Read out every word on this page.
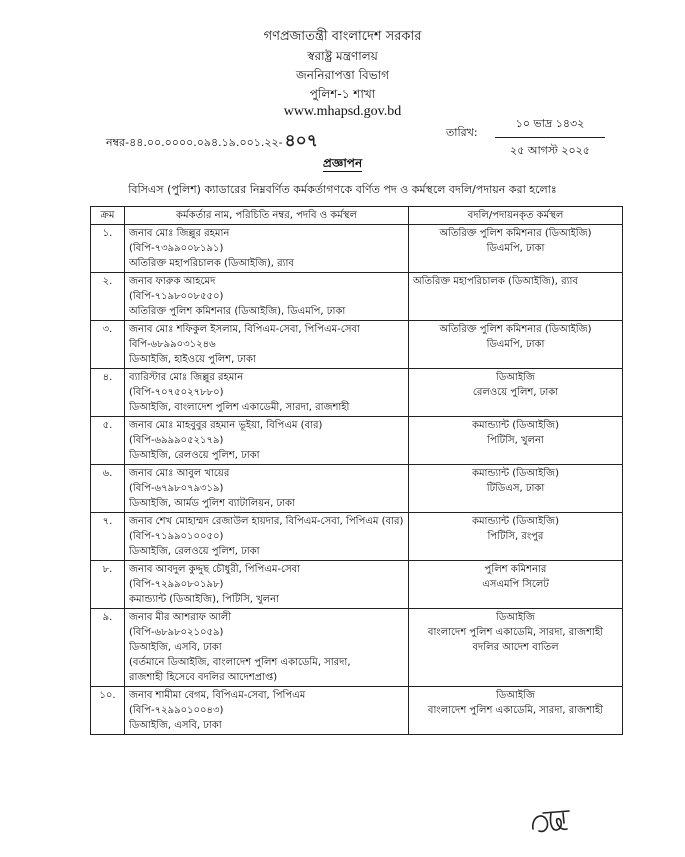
গণপ্রজাতন্ত্রী বাংলাদেশ সরকার
স্বরাষ্ট্র মন্ত্রণালয়
জননিরাপত্তা বিভাগ
পুলিশ-১ শাখা
www.mhapsd.gov.bd
নম্বর-৪৪.০০.০০০০.০৯৪.১৯.০০১.২২- ৪০৭	তারিখ:
১০ ভাদ্র ১৪৩২
২৫ আগস্ট ২০২৫
প্রজ্ঞাপন
বিসিএস (পুলিশ) ক্যাডারের নিম্নবর্ণিত কর্মকর্তাগণকে বর্ণিত পদ ও কর্মস্থলে বদলি/পদায়ন করা হলোঃ
ক্রম	কর্মকর্তার নাম, পরিচিতি নম্বর, পদবি ও কর্মস্থল	বদলি/পদায়নকৃত কর্মস্থল
১.	জনাব মোঃ জিল্লুর রহমান
(বিপি-৭৩৯৯০০৮১৯১)
অতিরিক্ত মহাপরিচালক (ডিআইজি), র‍্যাব	অতিরিক্ত পুলিশ কমিশনার (ডিআইজি)
ডিএমপি, ঢাকা

২.	জনাব ফারুক আহমেদ
(বিপি-৭১৯৮০০৮৫৫০)
অতিরিক্ত পুলিশ কমিশনার (ডিআইজি), ডিএমপি, ঢাকা	অতিরিক্ত মহাপরিচালক (ডিআইজি), র‍্যাব

৩.	জনাব মোঃ শফিকুল ইসলাম, বিপিএম-সেবা, পিপিএম-সেবা
বিপি-৬৮৯৯০৩১২৪৬
ডিআইজি, হাইওয়ে পুলিশ, ঢাকা	অতিরিক্ত পুলিশ কমিশনার (ডিআইজি)
ডিএমপি, ঢাকা

৪.	ব্যারিস্টার মোঃ জিল্লুর রহমান
(বিপি-৭০৭৫০২৭৮৮০)
ডিআইজি, বাংলাদেশ পুলিশ একাডেমী, সারদা, রাজশাহী	ডিআইজি
রেলওয়ে পুলিশ, ঢাকা

৫.	জনাব মোঃ মাহবুবুর রহমান ভূইয়া, বিপিএম (বার)
(বিপি-৬৯৯৯০৫২১৭৯)
ডিআইজি, রেলওয়ে পুলিশ, ঢাকা	কমান্ড্যান্ট (ডিআইজি)
পিটিসি, খুলনা

৬.	জনাব মোঃ আবুল খায়ের
(বিপি-৬৭৯৮০৭৯৩১৯)
ডিআইজি, আর্মড পুলিশ ব্যাটালিয়ন, ঢাকা	কমান্ড্যান্ট (ডিআইজি)
টিডিএস, ঢাকা

৭.	জনাব শেখ মোহাম্মদ রেজাউল হায়দার, বিপিএম-সেবা, পিপিএম (বার)
(বিপি-৭১৯৯০১০০৫০)
ডিআইজি, রেলওয়ে পুলিশ, ঢাকা	কমান্ড্যান্ট (ডিআইজি)
পিটিসি, রংপুর

৮.	জনাব আবদুল কুদ্দুছ চৌধুরী, পিপিএম-সেবা
(বিপি-৭২৯৯০৮০১৯৮)
কমান্ড্যান্ট (ডিআইজি), পিটিসি, খুলনা	পুলিশ কমিশনার
এসএমপি সিলেট

৯.	জনাব মীর আশরাফ আলী
(বিপি-৬৮৯৮০২১০৫৯)
ডিআইজি, এসবি, ঢাকা
(বর্তমানে ডিআইজি, বাংলাদেশ পুলিশ একাডেমি, সারদা,
রাজশাহী হিসেবে বদলির আদেশপ্রাপ্ত)	ডিআইজি
বাংলাদেশ পুলিশ একাডেমি, সারদা, রাজশাহী
বদলির আদেশ বাতিল

১০.	জনাব শামীমা বেগম, বিপিএম-সেবা, পিপিএম
(বিপি-৭২৯৯০১০০৪৩)
ডিআইজি, এসবি, ঢাকা	ডিআইজি
বাংলাদেশ পুলিশ একাডেমি, সারদা, রাজশাহী
